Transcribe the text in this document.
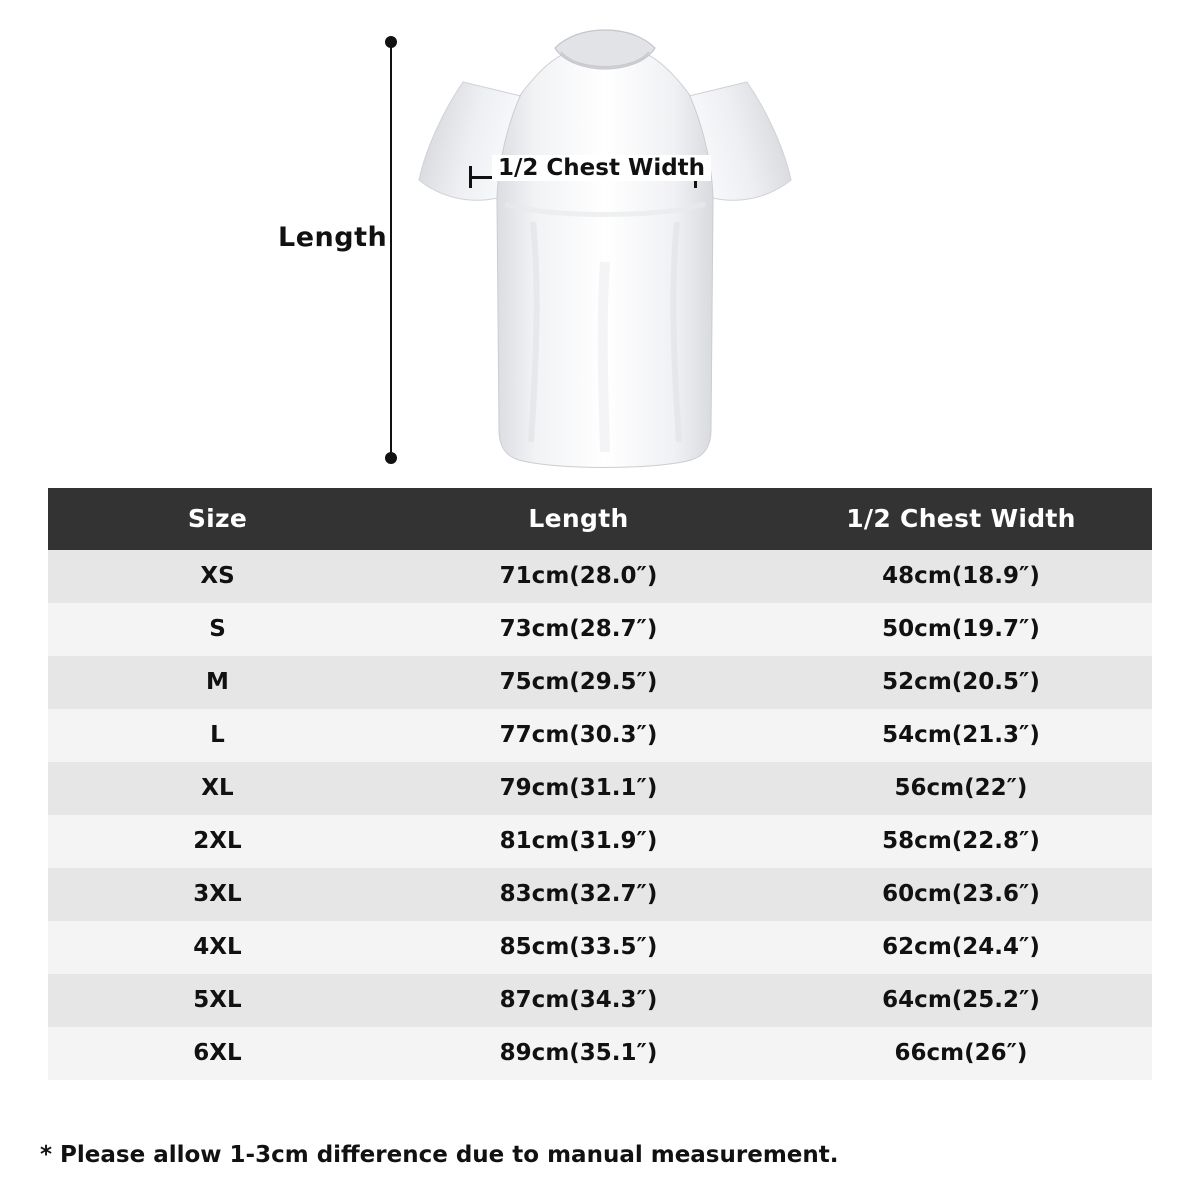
Length
1/2 Chest Width
Size	Length	1/2 Chest Width
XS	71cm(28.0″)	48cm(18.9″)
S	73cm(28.7″)	50cm(19.7″)
M	75cm(29.5″)	52cm(20.5″)
L	77cm(30.3″)	54cm(21.3″)
XL	79cm(31.1″)	56cm(22″)
2XL	81cm(31.9″)	58cm(22.8″)
3XL	83cm(32.7″)	60cm(23.6″)
4XL	85cm(33.5″)	62cm(24.4″)
5XL	87cm(34.3″)	64cm(25.2″)
6XL	89cm(35.1″)	66cm(26″)
* Please allow 1-3cm difference due to manual measurement.
